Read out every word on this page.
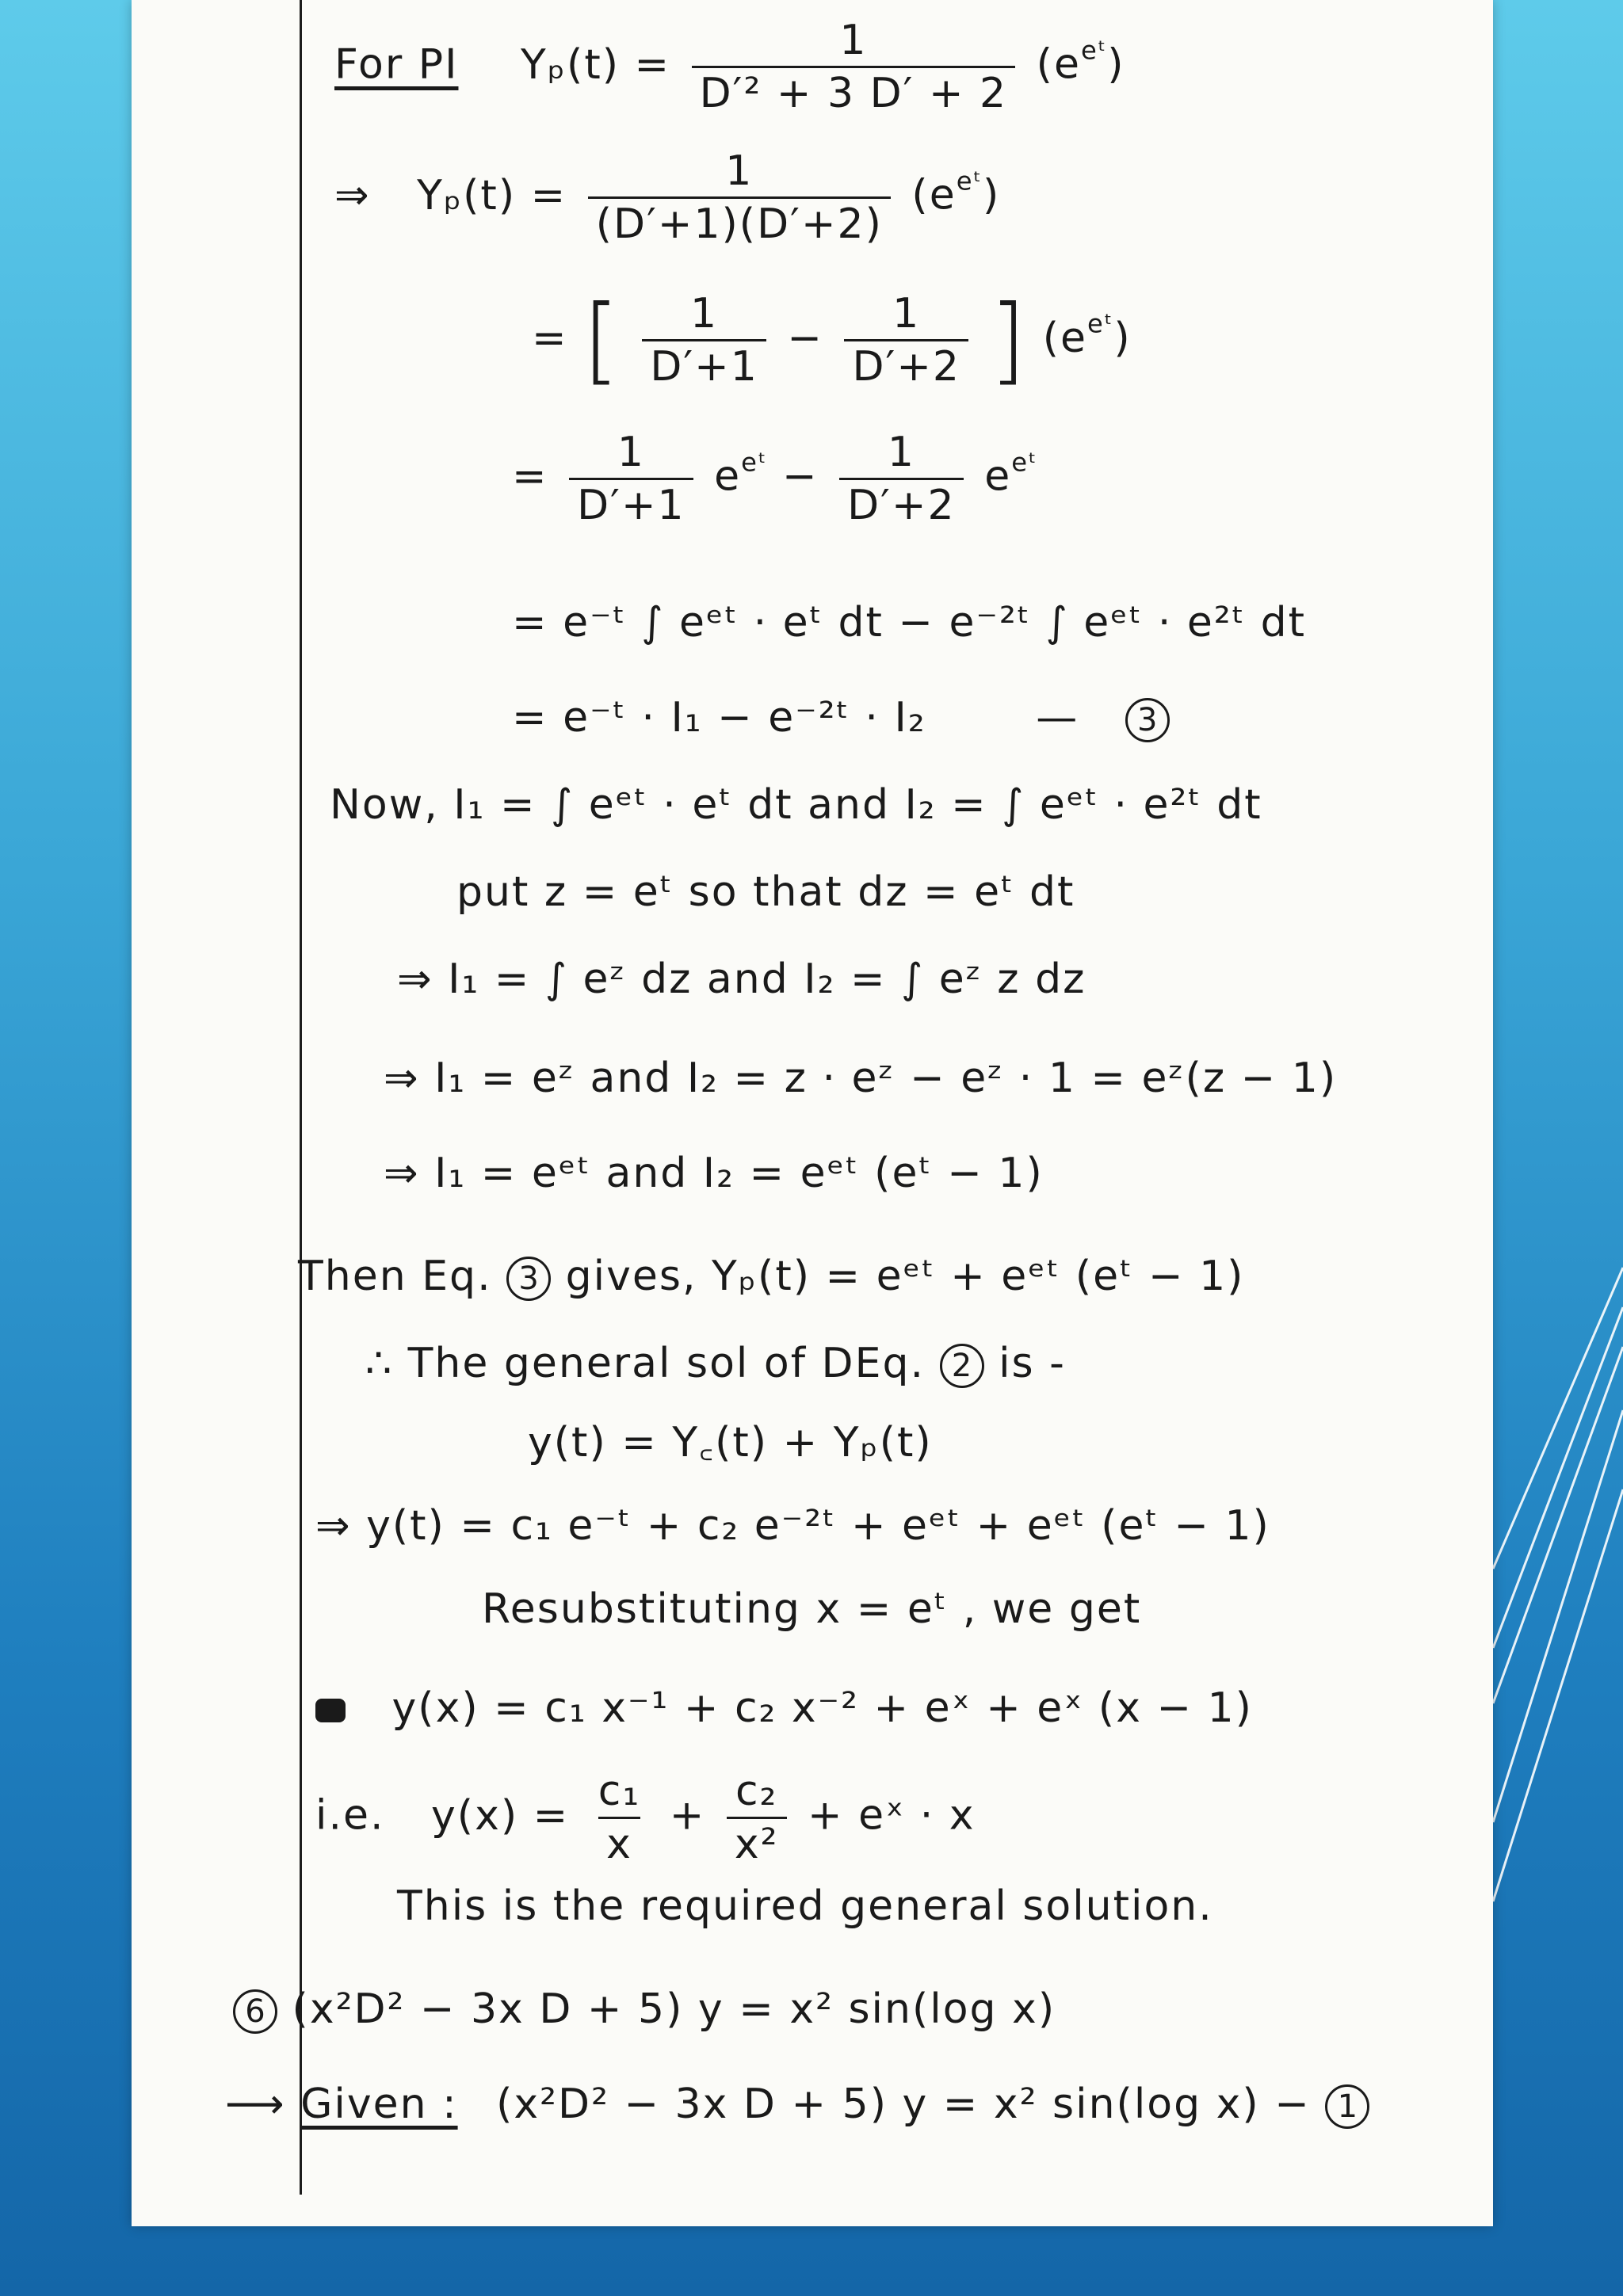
For PI $Y_p(t) = \frac{1}{\text{D′² + 3 D′ + 2}} (e^{eᵗ})$
⇒ $Y_p(t) = \frac{1}{(D'+1)(D'+2)} (e^{eᵗ})$
= [ $\frac{1}{D'+1} - \frac{1}{D'+2}$ ] $(e^{eᵗ})$
= $\frac{1}{D'+1} e^{eᵗ} - \frac{1}{D'+2} e^{eᵗ}$
= e⁻ᵗ ∫ eᵉᵗ · eᵗ dt − e⁻²ᵗ ∫ eᵉᵗ · e²ᵗ dt
= e⁻ᵗ · I₁ − e⁻²ᵗ · I₂	— 3
Now, I₁ = ∫ eᵉᵗ · eᵗ dt and I₂ = ∫ eᵉᵗ · e²ᵗ dt
put z = eᵗ so that dz = eᵗ dt
⇒ I₁ = ∫ eᶻ dz and I₂ = ∫ eᶻ z dz
⇒ I₁ = eᶻ and I₂ = z · eᶻ − eᶻ · 1 = eᶻ(z − 1)
⇒ I₁ = eᵉᵗ and I₂ = eᵉᵗ (eᵗ − 1)
Then Eq. 3 gives, Yₚ(t) = eᵉᵗ + eᵉᵗ (eᵗ − 1)
∴ The general sol of DEq. 2 is -
y(t) = Y꜀(t) + Yₚ(t)
⇒ y(t) = c₁ e⁻ᵗ + c₂ e⁻²ᵗ + eᵉᵗ + eᵉᵗ (eᵗ − 1)
Resubstituting x = eᵗ , we get
y(x) = c₁ x⁻¹ + c₂ x⁻² + eˣ + eˣ (x − 1)
i.e. $y(x) = \frac{\text{c₁}}{x} + \frac{\text{c₂}}{\text{x²}}$ + eˣ · x
This is the required general solution.
6 (x²D² − 3x D + 5) y = x² sin(log x)
⟶ Given : (x²D² − 3x D + 5) y = x² sin(log x) − 1
